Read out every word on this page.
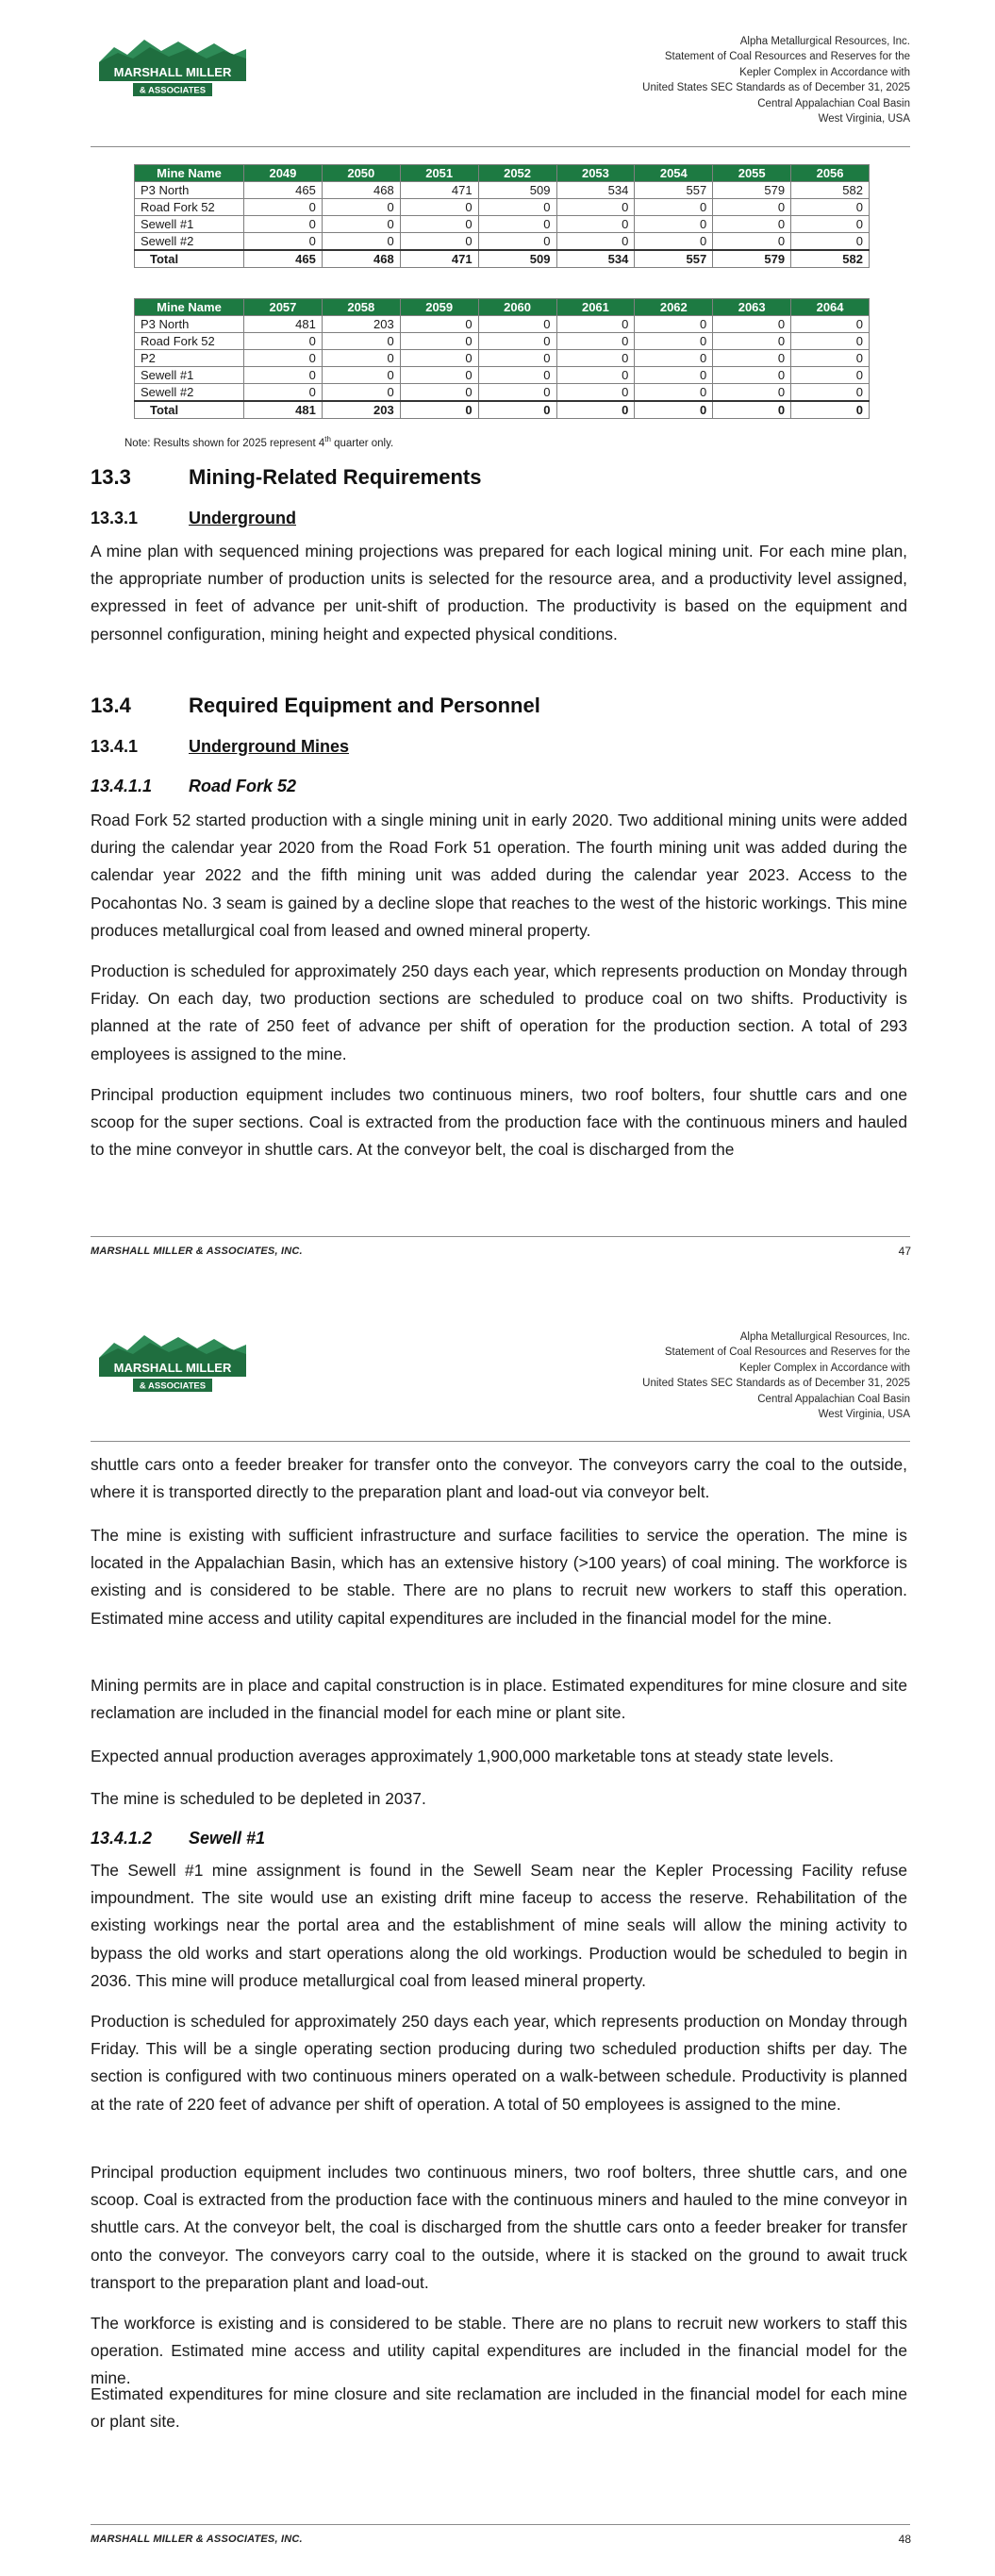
MARSHALL MILLER
& ASSOCIATES
Alpha Metallurgical Resources, Inc.
Statement of Coal Resources and Reserves for the
Kepler Complex in Accordance with
United States SEC Standards as of December 31, 2025
Central Appalachian Coal Basin
West Virginia, USA
Mine Name	2049	2050	2051	2052	2053	2054	2055	2056
P3 North	465	468	471	509	534	557	579	582
Road Fork 52	0	0	0	0	0	0	0	0
Sewell #1	0	0	0	0	0	0	0	0
Sewell #2	0	0	0	0	0	0	0	0
Total	465	468	471	509	534	557	579	582
Mine Name	2057	2058	2059	2060	2061	2062	2063	2064
P3 North	481	203	0	0	0	0	0	0
Road Fork 52	0	0	0	0	0	0	0	0
P2	0	0	0	0	0	0	0	0
Sewell #1	0	0	0	0	0	0	0	0
Sewell #2	0	0	0	0	0	0	0	0
Total	481	203	0	0	0	0	0	0
Note: Results shown for 2025 represent 4th quarter only.
13.3	Mining-Related Requirements
13.3.1	Underground
A mine plan with sequenced mining projections was prepared for each logical mining unit. For each mine plan, the appropriate number of production units is selected for the resource area, and a productivity level assigned, expressed in feet of advance per unit-shift of production. The productivity is based on the equipment and personnel configuration, mining height and expected physical conditions.
13.4	Required Equipment and Personnel
13.4.1	Underground Mines
13.4.1.1 Road Fork 52
Road Fork 52 started production with a single mining unit in early 2020. Two additional mining units were added during the calendar year 2020 from the Road Fork 51 operation. The fourth mining unit was added during the calendar year 2022 and the fifth mining unit was added during the calendar year 2023. Access to the Pocahontas No. 3 seam is gained by a decline slope that reaches to the west of the historic workings. This mine produces metallurgical coal from leased and owned mineral property.
Production is scheduled for approximately 250 days each year, which represents production on Monday through Friday. On each day, two production sections are scheduled to produce coal on two shifts. Productivity is planned at the rate of 250 feet of advance per shift of operation for the production section. A total of 293 employees is assigned to the mine.
Principal production equipment includes two continuous miners, two roof bolters, four shuttle cars and one scoop for the super sections. Coal is extracted from the production face with the continuous miners and hauled to the mine conveyor in shuttle cars. At the conveyor belt, the coal is discharged from the
MARSHALL MILLER & ASSOCIATES, INC.	47
MARSHALL MILLER
& ASSOCIATES
Alpha Metallurgical Resources, Inc.
Statement of Coal Resources and Reserves for the
Kepler Complex in Accordance with
United States SEC Standards as of December 31, 2025
Central Appalachian Coal Basin
West Virginia, USA
shuttle cars onto a feeder breaker for transfer onto the conveyor. The conveyors carry the coal to the outside, where it is transported directly to the preparation plant and load-out via conveyor belt.
The mine is existing with sufficient infrastructure and surface facilities to service the operation. The mine is located in the Appalachian Basin, which has an extensive history (>100 years) of coal mining. The workforce is existing and is considered to be stable. There are no plans to recruit new workers to staff this operation. Estimated mine access and utility capital expenditures are included in the financial model for the mine.
Mining permits are in place and capital construction is in place. Estimated expenditures for mine closure and site reclamation are included in the financial model for each mine or plant site.
Expected annual production averages approximately 1,900,000 marketable tons at steady state levels.
The mine is scheduled to be depleted in 2037.
13.4.1.2 Sewell #1
The Sewell #1 mine assignment is found in the Sewell Seam near the Kepler Processing Facility refuse impoundment. The site would use an existing drift mine faceup to access the reserve. Rehabilitation of the existing workings near the portal area and the establishment of mine seals will allow the mining activity to bypass the old works and start operations along the old workings. Production would be scheduled to begin in 2036. This mine will produce metallurgical coal from leased mineral property.
Production is scheduled for approximately 250 days each year, which represents production on Monday through Friday. This will be a single operating section producing during two scheduled production shifts per day. The section is configured with two continuous miners operated on a walk-between schedule. Productivity is planned at the rate of 220 feet of advance per shift of operation. A total of 50 employees is assigned to the mine.
Principal production equipment includes two continuous miners, two roof bolters, three shuttle cars, and one scoop. Coal is extracted from the production face with the continuous miners and hauled to the mine conveyor in shuttle cars. At the conveyor belt, the coal is discharged from the shuttle cars onto a feeder breaker for transfer onto the conveyor. The conveyors carry coal to the outside, where it is stacked on the ground to await truck transport to the preparation plant and load-out.
The workforce is existing and is considered to be stable. There are no plans to recruit new workers to staff this operation. Estimated mine access and utility capital expenditures are included in the financial model for the mine.
Estimated expenditures for mine closure and site reclamation are included in the financial model for each mine or plant site.
MARSHALL MILLER & ASSOCIATES, INC.	48
